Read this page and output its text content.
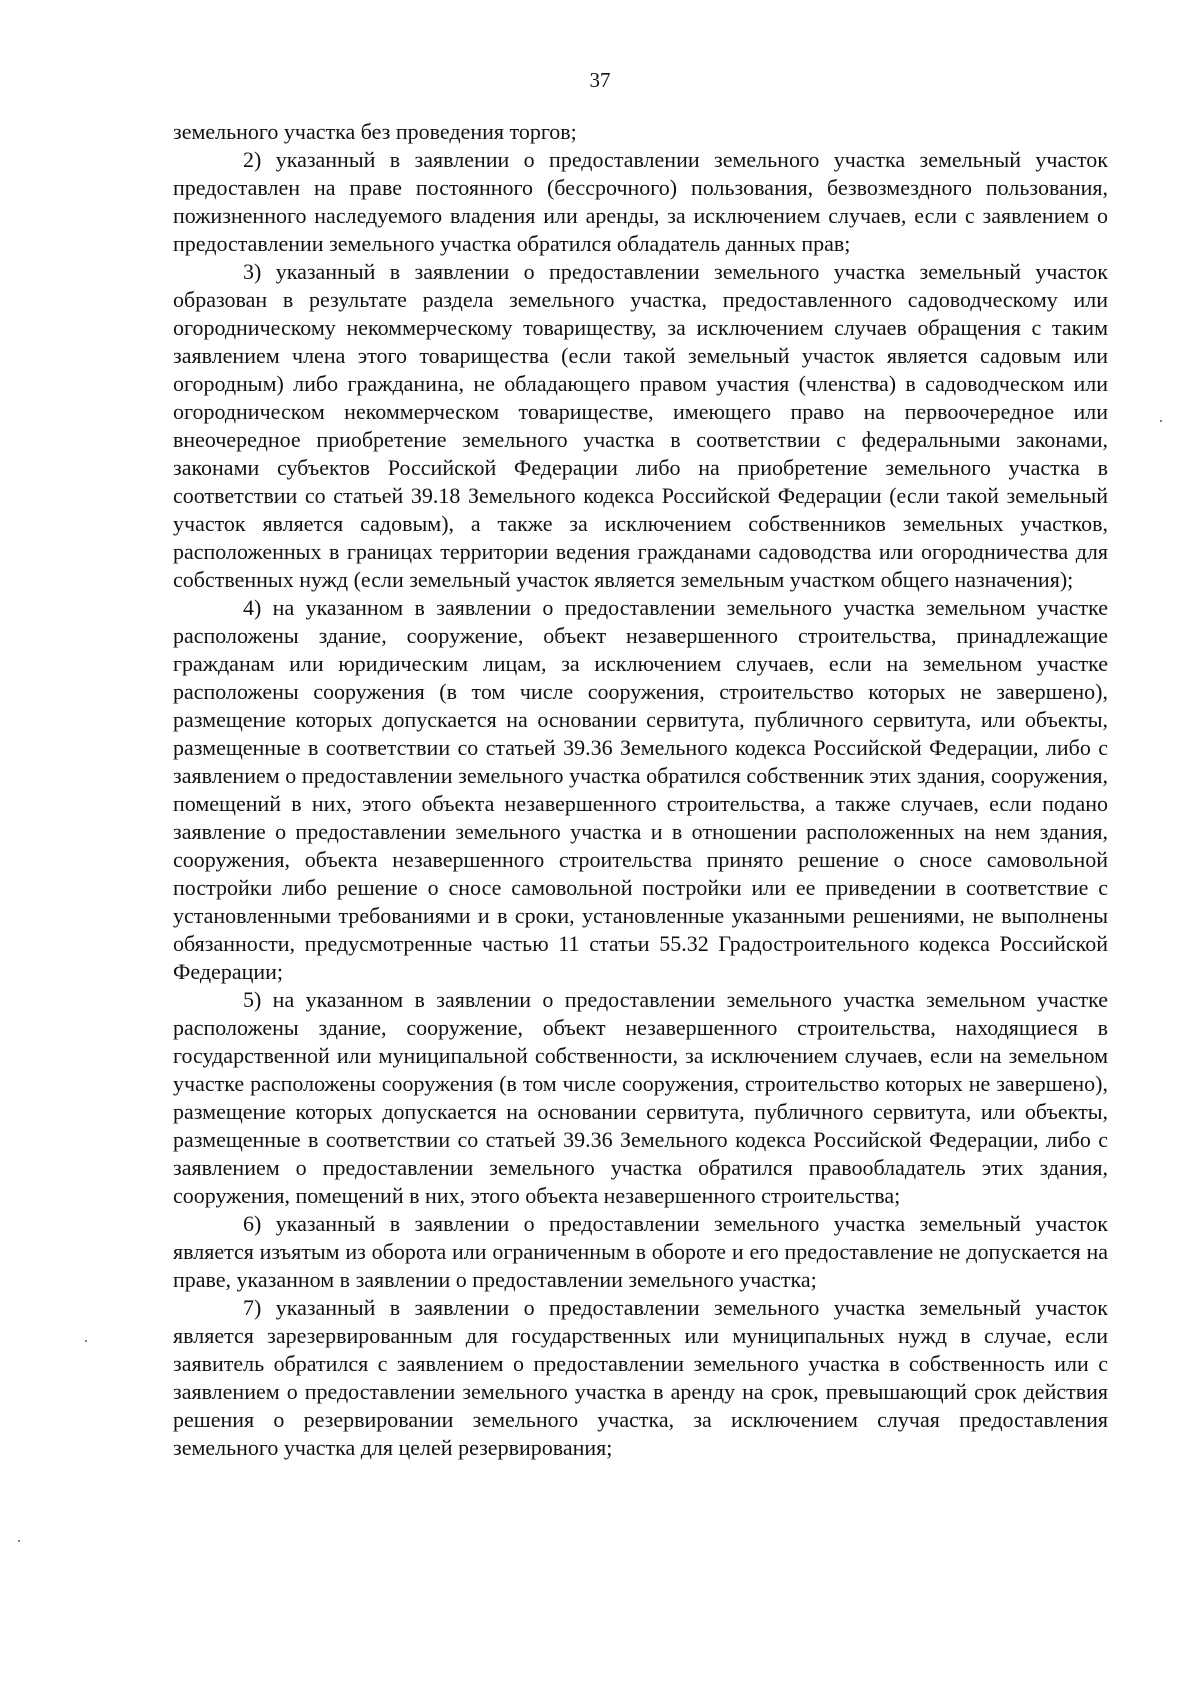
37

земельного участка без проведения торгов;

2) указанный в заявлении о предоставлении земельного участка земельный участок предоставлен на праве постоянного (бессрочного) пользования, безвозмездного пользования, пожизненного наследуемого владения или аренды, за исключением случаев, если с заявлением о предоставлении земельного участка обратился обладатель данных прав;

3) указанный в заявлении о предоставлении земельного участка земельный участок образован в результате раздела земельного участка, предоставленного садоводческому или огородническому некоммерческому товариществу, за исключением случаев обращения с таким заявлением члена этого товарищества (если такой земельный участок является садовым или огородным) либо гражданина, не обладающего правом участия (членства) в садоводческом или огородническом некоммерческом товариществе, имеющего право на первоочередное или внеочередное приобретение земельного участка в соответствии с федеральными законами, законами субъектов Российской Федерации либо на приобретение земельного участка в соответствии со статьей 39.18 Земельного кодекса Российской Федерации (если такой земельный участок является садовым), а также за исключением собственников земельных участков, расположенных в границах территории ведения гражданами садоводства или огородничества для собственных нужд (если земельный участок является земельным участком общего назначения);

4) на указанном в заявлении о предоставлении земельного участка земельном участке расположены здание, сооружение, объект незавершенного строительства, принадлежащие гражданам или юридическим лицам, за исключением случаев, если на земельном участке расположены сооружения (в том числе сооружения, строительство которых не завершено), размещение которых допускается на основании сервитута, публичного сервитута, или объекты, размещенные в соответствии со статьей 39.36 Земельного кодекса Российской Федерации, либо с заявлением о предоставлении земельного участка обратился собственник этих здания, сооружения, помещений в них, этого объекта незавершенного строительства, а также случаев, если подано заявление о предоставлении земельного участка и в отношении расположенных на нем здания, сооружения, объекта незавершенного строительства принято решение о сносе самовольной постройки либо решение о сносе самовольной постройки или ее приведении в соответствие с установленными требованиями и в сроки, установленные указанными решениями, не выполнены обязанности, предусмотренные частью 11 статьи 55.32 Градостроительного кодекса Российской Федерации;

5) на указанном в заявлении о предоставлении земельного участка земельном участке расположены здание, сооружение, объект незавершенного строительства, находящиеся в государственной или муниципальной собственности, за исключением случаев, если на земельном участке расположены сооружения (в том числе сооружения, строительство которых не завершено), размещение которых допускается на основании сервитута, публичного сервитута, или объекты, размещенные в соответствии со статьей 39.36 Земельного кодекса Российской Федерации, либо с заявлением о предоставлении земельного участка обратился правообладатель этих здания, сооружения, помещений в них, этого объекта незавершенного строительства;

6) указанный в заявлении о предоставлении земельного участка земельный участок является изъятым из оборота или ограниченным в обороте и его предоставление не допускается на праве, указанном в заявлении о предоставлении земельного участка;

7) указанный в заявлении о предоставлении земельного участка земельный участок является зарезервированным для государственных или муниципальных нужд в случае, если заявитель обратился с заявлением о предоставлении земельного участка в собственность или с заявлением о предоставлении земельного участка в аренду на срок, превышающий срок действия решения о резервировании земельного участка, за исключением случая предоставления земельного участка для целей резервирования;
